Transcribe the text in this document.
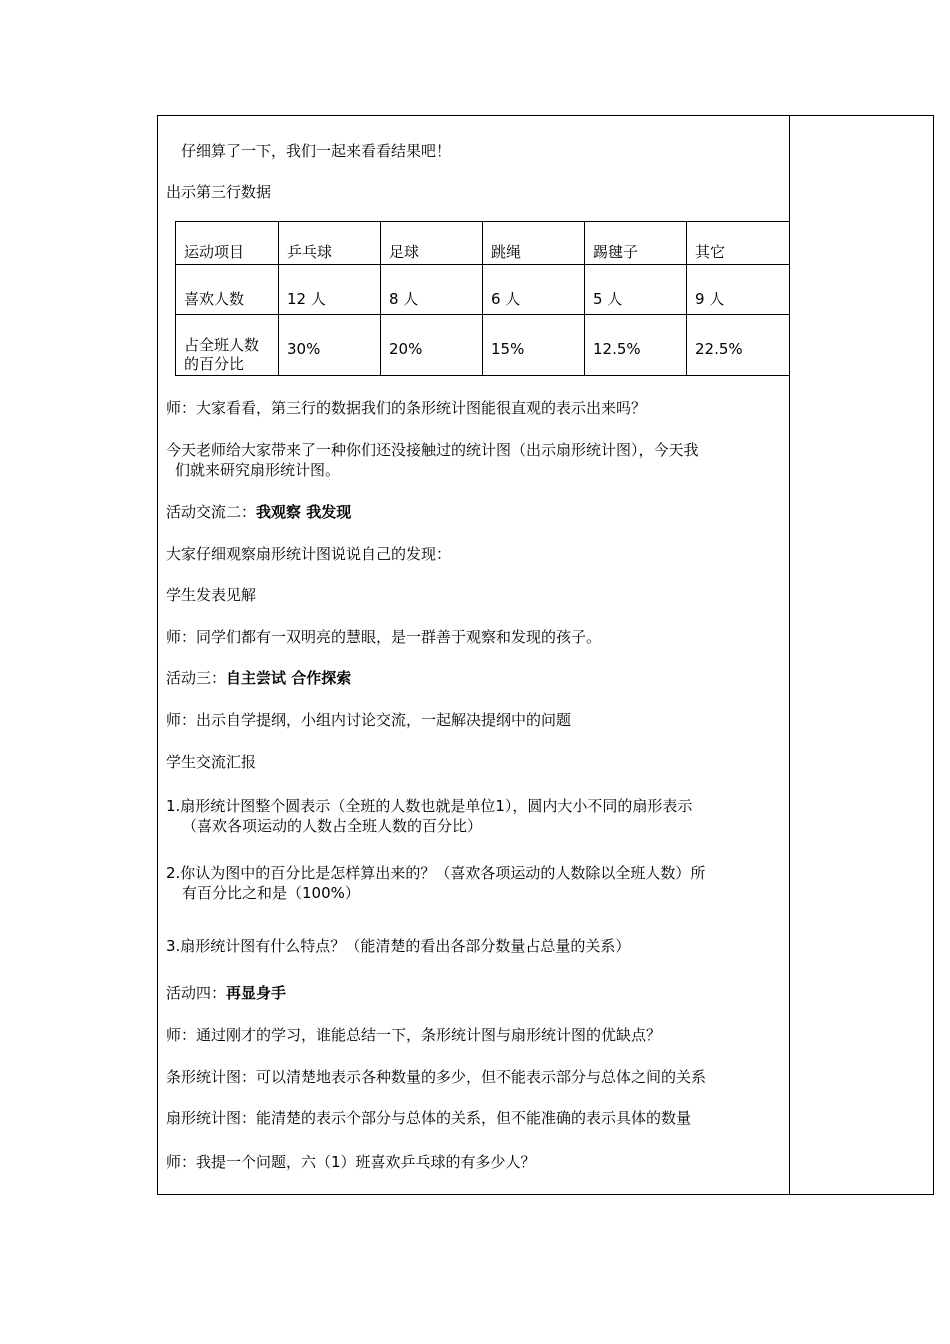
仔细算了一下，我们一起来看看结果吧！
出示第三行数据
运动项目	乒乓球	足球	跳绳	踢毽子	其它
喜欢人数	12 人	8 人	6 人	5 人	9 人

占全班人数
的百分比	30%	20%	15%	12.5%	22.5%
师：大家看看，第三行的数据我们的条形统计图能很直观的表示出来吗？
今天老师给大家带来了一种你们还没接触过的统计图（出示扇形统计图），今天我
们就来研究扇形统计图。
活动交流二：我观察 我发现
大家仔细观察扇形统计图说说自己的发现：
学生发表见解
师：同学们都有一双明亮的慧眼，是一群善于观察和发现的孩子。
活动三：自主尝试 合作探索
师：出示自学提纲，小组内讨论交流，一起解决提纲中的问题
学生交流汇报
1.扇形统计图整个圆表示（全班的人数也就是单位1），圆内大小不同的扇形表示
（喜欢各项运动的人数占全班人数的百分比）
2.你认为图中的百分比是怎样算出来的？（喜欢各项运动的人数除以全班人数）所
有百分比之和是（100%）
3.扇形统计图有什么特点？（能清楚的看出各部分数量占总量的关系）
活动四：再显身手
师：通过刚才的学习，谁能总结一下，条形统计图与扇形统计图的优缺点？
条形统计图：可以清楚地表示各种数量的多少，但不能表示部分与总体之间的关系
扇形统计图：能清楚的表示个部分与总体的关系，但不能准确的表示具体的数量
师：我提一个问题，六（1）班喜欢乒乓球的有多少人？
